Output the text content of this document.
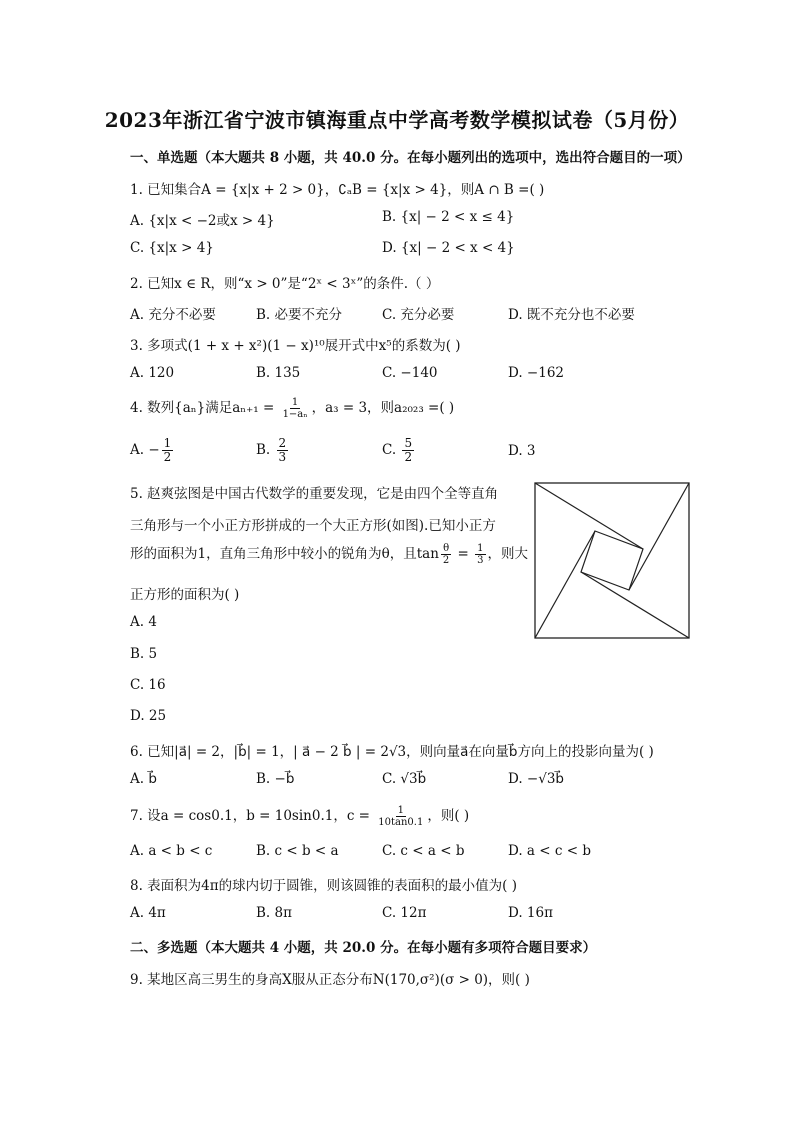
2023年浙江省宁波市镇海重点中学高考数学模拟试卷（5月份）
一、单选题（本大题共 8 小题，共 40.0 分。在每小题列出的选项中，选出符合题目的一项）
1. 已知集合A = {x|x + 2 > 0}，∁ₐB = {x|x > 4}，则A ∩ B =( )
A. {x|x < −2或x > 4}	B. {x| − 2 < x ≤ 4}
C. {x|x > 4}	D. {x| − 2 < x < 4}
2. 已知x ∈ R，则“x > 0”是“2ˣ < 3ˣ”的条件.（ ）
A. 充分不必要	B. 必要不充分	C. 充分必要	D. 既不充分也不必要
3. 多项式(1 + x + x²)(1 − x)¹⁰展开式中x⁵的系数为( )
A. 120	B. 135	C. −140	D. −162
4. 数列{aₙ}满足$a_{n+1} = \frac{1}{\text{1−aₙ}}$ ，a₃ = 3，则a₂₀₂₃ =( )
A. − $\frac{1}{2}$	B. $\frac{2}{3}$	C. $\frac{5}{2}$	D. 3
5. 赵爽弦图是中国古代数学的重要发现，它是由四个全等直角
三角形与一个小正方形拼成的一个大正方形(如图).已知小正方
形的面积为1，直角三角形中较小的锐角为θ，且$\tan \frac{\theta}{2} = \frac{1}{3}$ ，则大
正方形的面积为( )
A. 4
B. 5
C. 16
D. 25
6. 已知|a⃗| = 2，|b⃗| = 1，| a⃗ − 2 b⃗ | = 2√3，则向量a⃗在向量b⃗方向上的投影向量为( )
A. b⃗	B. −b⃗	C. √3b⃗	D. −√3b⃗
7. 设a = cos0.1，b = 10sin0.1，$c = \frac{1}{10\tan 0.1}$ ，则( )
A. a < b < c	B. c < b < a	C. c < a < b	D. a < c < b
8. 表面积为4π的球内切于圆锥，则该圆锥的表面积的最小值为( )
A. 4π	B. 8π	C. 12π	D. 16π
二、多选题（本大题共 4 小题，共 20.0 分。在每小题有多项符合题目要求）
9. 某地区高三男生的身高X服从正态分布N(170,σ²)(σ > 0)，则( )
